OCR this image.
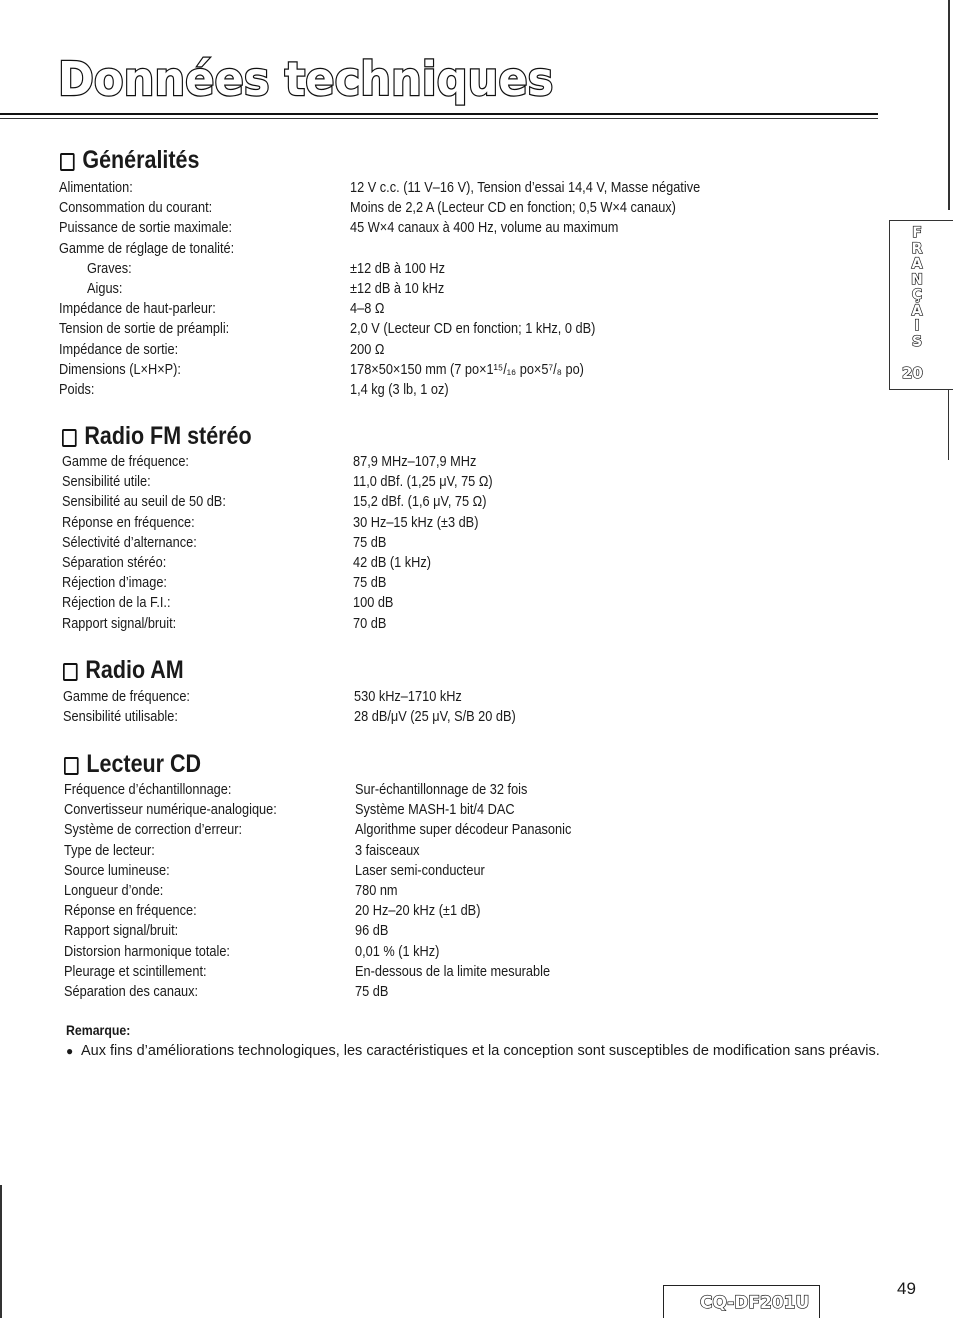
Données techniques
Généralités
Alimentation:	12 V c.c. (11 V–16 V), Tension d’essai 14,4 V, Masse négative
Consommation du courant:	Moins de 2,2 A (Lecteur CD en fonction; 0,5 W×4 canaux)
Puissance de sortie maximale:	45 W×4 canaux à 400 Hz, volume au maximum
Gamme de réglage de tonalité:
Graves:	±12 dB à 100 Hz
Aigus:	±12 dB à 10 kHz
Impédance de haut-parleur:	4–8 Ω
Tension de sortie de préampli:	2,0 V (Lecteur CD en fonction; 1 kHz, 0 dB)
Impédance de sortie:	200 Ω
Dimensions (L×H×P):	178×50×150 mm (7 po×1¹⁵/₁₆ po×5⁷/₈ po)
Poids:	1,4 kg (3 lb, 1 oz)
Radio FM stéréo
Gamme de fréquence:	87,9 MHz–107,9 MHz
Sensibilité utile:	11,0 dBf. (1,25 μV, 75 Ω)
Sensibilité au seuil de 50 dB:	15,2 dBf. (1,6 μV, 75 Ω)
Réponse en fréquence:	30 Hz–15 kHz (±3 dB)
Sélectivité d’alternance:	75 dB
Séparation stéréo:	42 dB (1 kHz)
Réjection d’image:	75 dB
Réjection de la F.I.:	100 dB
Rapport signal/bruit:	70 dB
Radio AM
Gamme de fréquence:	530 kHz–1710 kHz
Sensibilité utilisable:	28 dB/μV (25 μV, S/B 20 dB)
Lecteur CD
Fréquence d’échantillonnage:	Sur-échantillonnage de 32 fois
Convertisseur numérique-analogique:	Système MASH-1 bit/4 DAC
Système de correction d’erreur:	Algorithme super décodeur Panasonic
Type de lecteur:	3 faisceaux
Source lumineuse:	Laser semi-conducteur
Longueur d’onde:	780 nm
Réponse en fréquence:	20 Hz–20 kHz (±1 dB)
Rapport signal/bruit:	96 dB
Distorsion harmonique totale:	0,01 % (1 kHz)
Pleurage et scintillement:	En-dessous de la limite mesurable
Séparation des canaux:	75 dB
Remarque:
● Aux fins d’améliorations technologiques, les caractéristiques et la conception sont susceptibles de modification sans préavis.
F
R
A
N
Ç
A
I
S
20
CQ-DF201U
49
